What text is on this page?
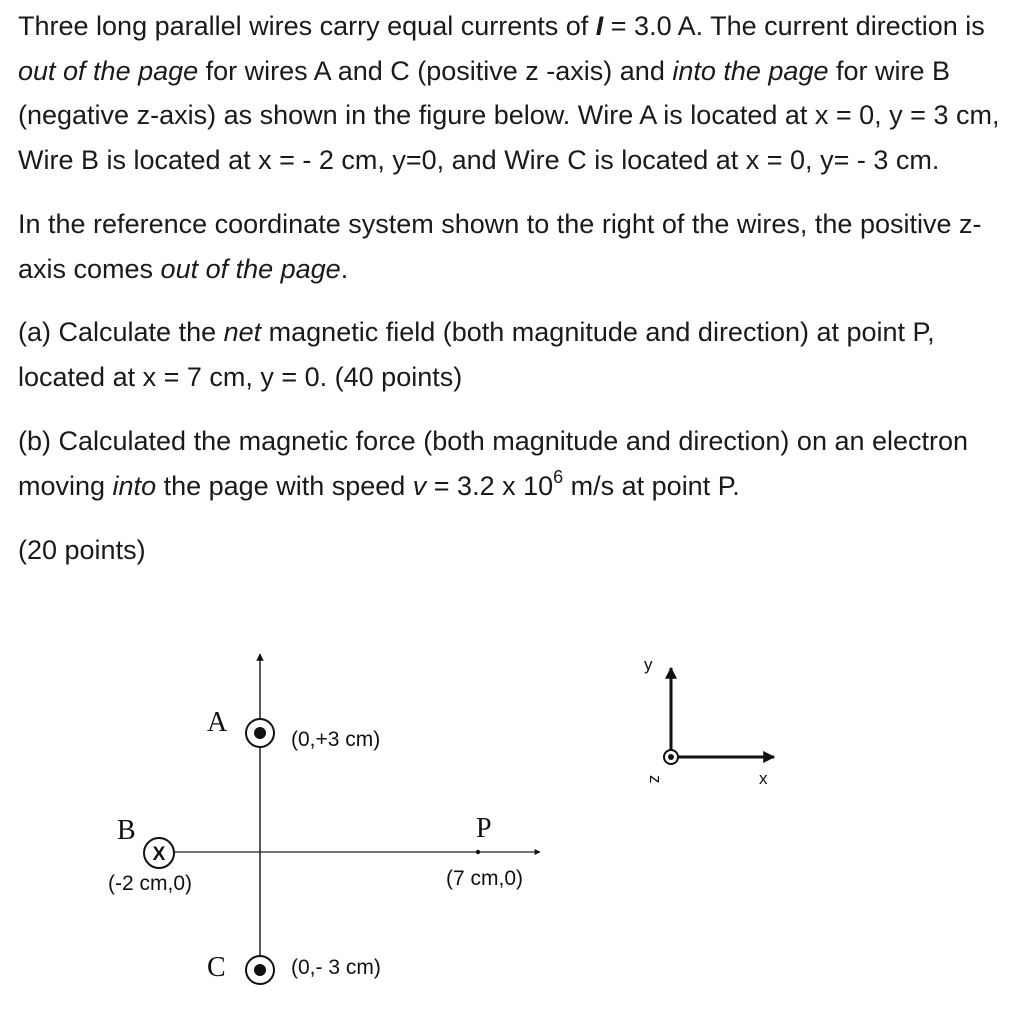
Three long parallel wires carry equal currents of I = 3.0 A. The current direction is out of the page for wires A and C (positive z -axis) and into the page for wire B (negative z-axis) as shown in the figure below. Wire A is located at x = 0, y = 3 cm, Wire B is located at x = - 2 cm, y=0, and Wire C is located at x = 0, y= - 3 cm.

In the reference coordinate system shown to the right of the wires, the positive z-axis comes out of the page.

(a) Calculate the net magnetic field (both magnitude and direction) at point P, located at x = 7 cm, y = 0. (40 points)

(b) Calculated the magnetic force (both magnitude and direction) on an electron moving into the page with speed v = 3.2 x $10^6$ m/s at point P.

(20 points)

A
(0,+3 cm)
X
B
(-2 cm,0)
C	(0,- 3 cm)
P
(7 cm,0)
y
x
z
